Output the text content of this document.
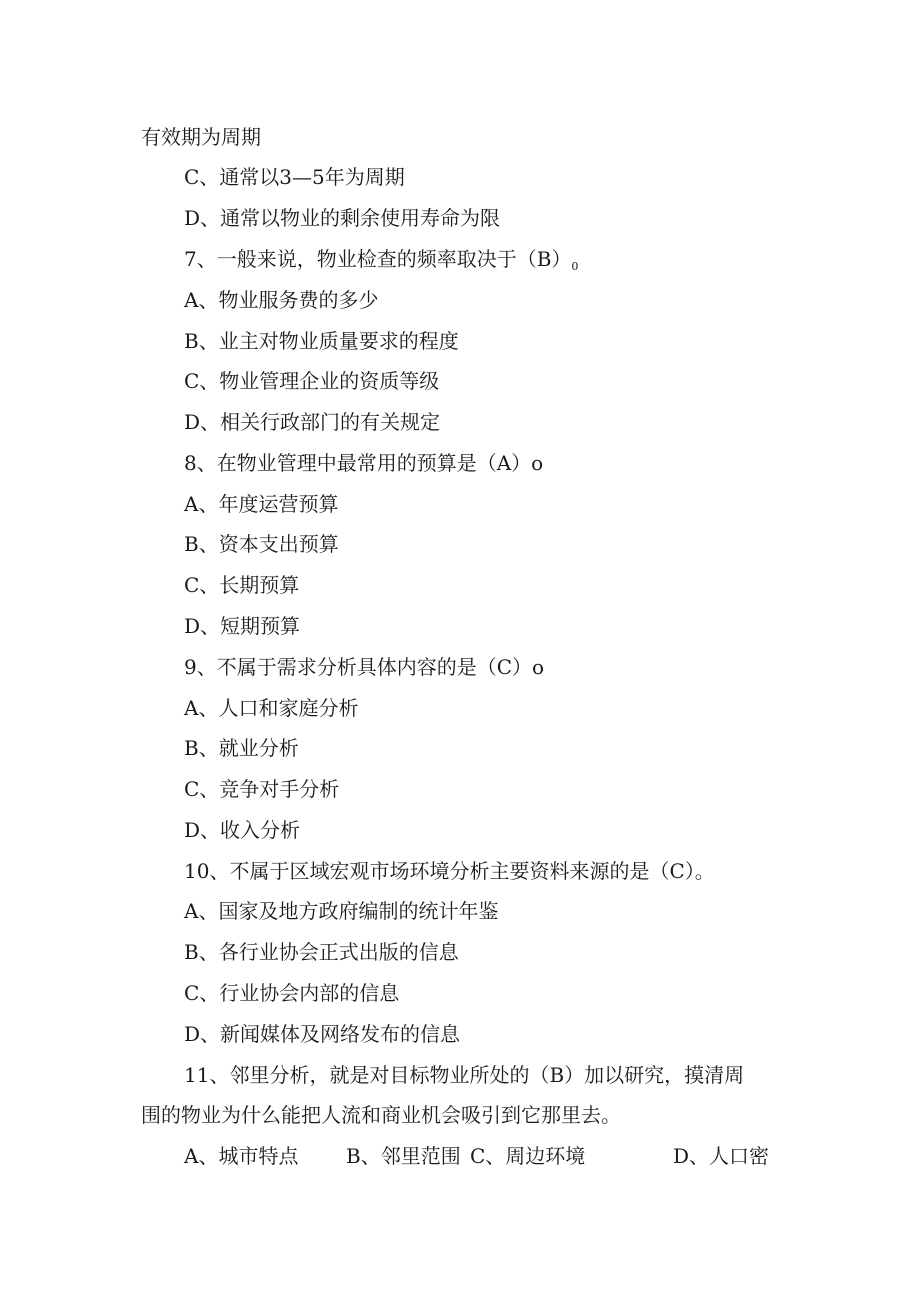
有效期为周期
C、通常以3—5年为周期
D、通常以物业的剩余使用寿命为限
7、一般来说，物业检查的频率取决于$(B)_0$
A、物业服务费的多少
B、业主对物业质量要求的程度
C、物业管理企业的资质等级
D、相关行政部门的有关规定
8、在物业管理中最常用的预算是（A）o
A、年度运营预算
B、资本支出预算
C、长期预算
D、短期预算
9、不属于需求分析具体内容的是（C）o
A、人口和家庭分析
B、就业分析
C、竞争对手分析
D、收入分析
10、不属于区域宏观市场环境分析主要资料来源的是（C）。
A、国家及地方政府编制的统计年鉴
B、各行业协会正式出版的信息
C、行业协会内部的信息
D、新闻媒体及网络发布的信息
11、邻里分析，就是对目标物业所处的（B）加以研究，摸清周
围的物业为什么能把人流和商业机会吸引到它那里去。
A、城市特点 B、邻里范围 C、周边环境	D、人口密
